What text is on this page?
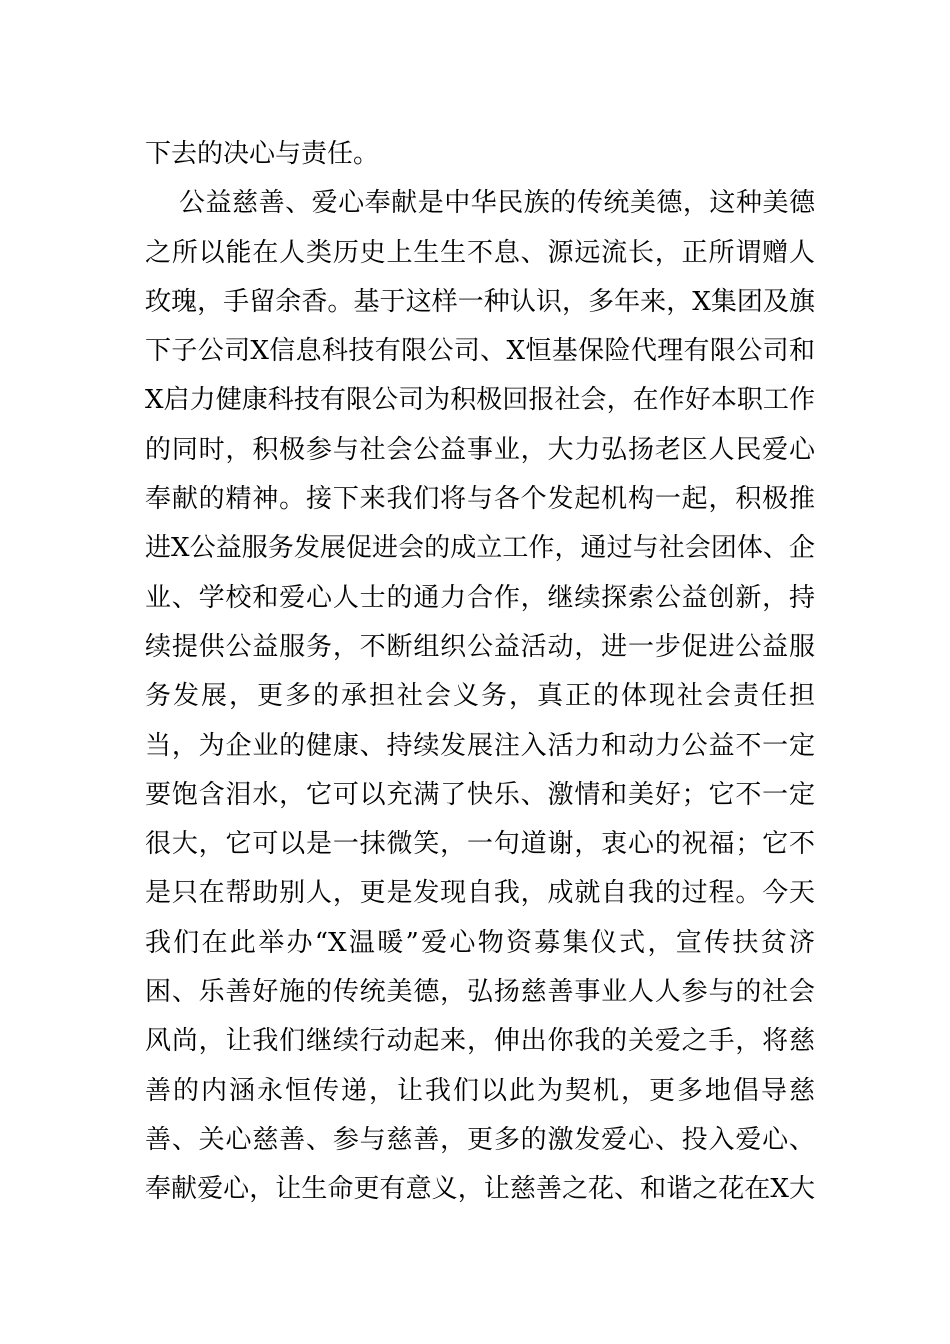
下去的决心与责任。
公益慈善、爱心奉献是中华民族的传统美德，这种美德
之所以能在人类历史上生生不息、源远流长，正所谓赠人
玫瑰，手留余香。基于这样一种认识，多年来，X集团及旗
下子公司X信息科技有限公司、X恒基保险代理有限公司和
X启力健康科技有限公司为积极回报社会，在作好本职工作
的同时，积极参与社会公益事业，大力弘扬老区人民爱心
奉献的精神。接下来我们将与各个发起机构一起，积极推
进X公益服务发展促进会的成立工作，通过与社会团体、企
业、学校和爱心人士的通力合作，继续探索公益创新，持
续提供公益服务，不断组织公益活动，进一步促进公益服
务发展，更多的承担社会义务，真正的体现社会责任担
当，为企业的健康、持续发展注入活力和动力公益不一定
要饱含泪水，它可以充满了快乐、激情和美好；它不一定
很大，它可以是一抹微笑，一句道谢，衷心的祝福；它不
是只在帮助别人，更是发现自我，成就自我的过程。今天
我们在此举办“X温暖”爱心物资募集仪式，宣传扶贫济
困、乐善好施的传统美德，弘扬慈善事业人人参与的社会
风尚，让我们继续行动起来，伸出你我的关爱之手，将慈
善的内涵永恒传递，让我们以此为契机，更多地倡导慈
善、关心慈善、参与慈善，更多的激发爱心、投入爱心、
奉献爱心，让生命更有意义，让慈善之花、和谐之花在X大
